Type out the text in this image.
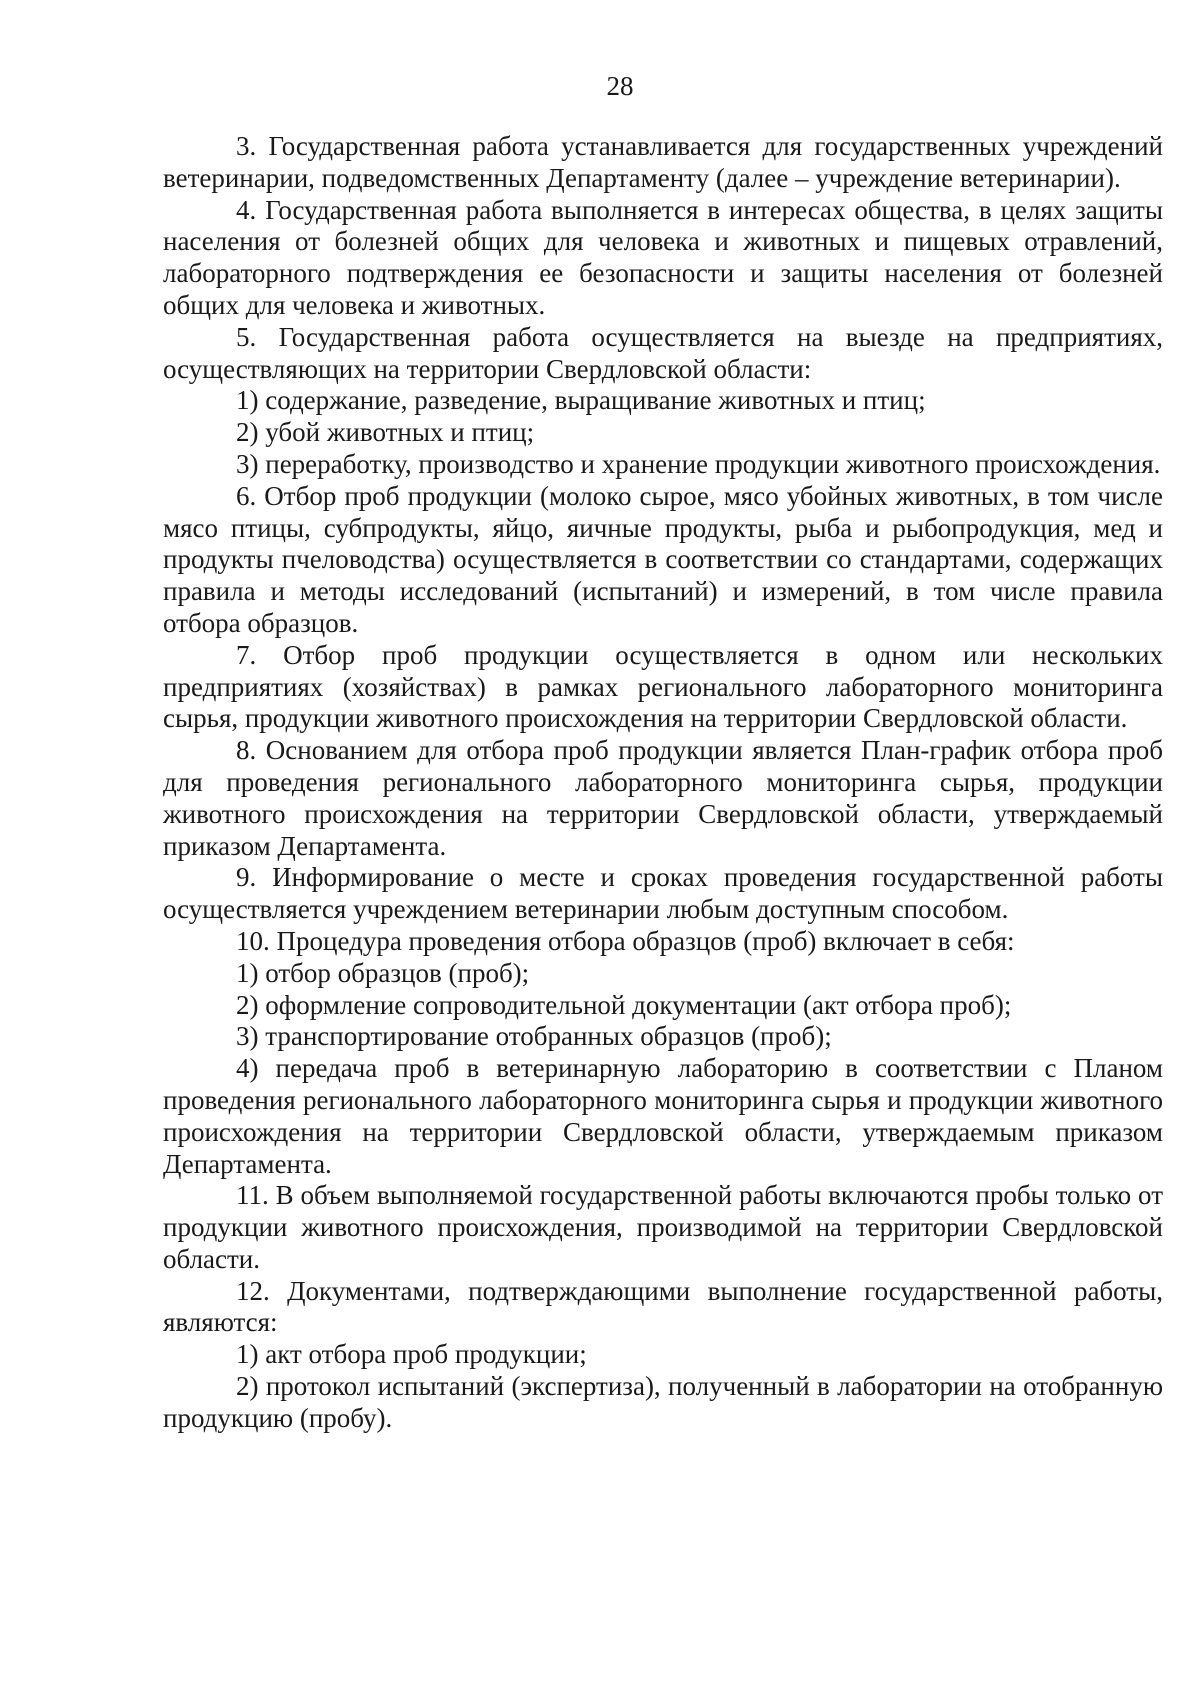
28

3. Государственная работа устанавливается для государственных учреждений ветеринарии, подведомственных Департаменту (далее – учреждение ветеринарии).

4. Государственная работа выполняется в интересах общества, в целях защиты населения от болезней общих для человека и животных и пищевых отравлений, лабораторного подтверждения ее безопасности и защиты населения от болезней общих для человека и животных.

5. Государственная работа осуществляется на выезде на предприятиях, осуществляющих на территории Свердловской области:

1) содержание, разведение, выращивание животных и птиц;

2) убой животных и птиц;

3) переработку, производство и хранение продукции животного происхождения.

6. Отбор проб продукции (молоко сырое, мясо убойных животных, в том числе мясо птицы, субпродукты, яйцо, яичные продукты, рыба и рыбопродукция, мед и продукты пчеловодства) осуществляется в соответствии со стандартами, содержащих правила и методы исследований (испытаний) и измерений, в том числе правила отбора образцов.

7. Отбор проб продукции осуществляется в одном или нескольких предприятиях (хозяйствах) в рамках регионального лабораторного мониторинга сырья, продукции животного происхождения на территории Свердловской области.

8. Основанием для отбора проб продукции является План-график отбора проб для проведения регионального лабораторного мониторинга сырья, продукции животного происхождения на территории Свердловской области, утверждаемый приказом Департамента.

9. Информирование о месте и сроках проведения государственной работы осуществляется учреждением ветеринарии любым доступным способом.

10. Процедура проведения отбора образцов (проб) включает в себя:

1) отбор образцов (проб);

2) оформление сопроводительной документации (акт отбора проб);

3) транспортирование отобранных образцов (проб);

4) передача проб в ветеринарную лабораторию в соответствии с Планом проведения регионального лабораторного мониторинга сырья и продукции животного происхождения на территории Свердловской области, утверждаемым приказом Департамента.

11. В объем выполняемой государственной работы включаются пробы только от продукции животного происхождения, производимой на территории Свердловской области.

12. Документами, подтверждающими выполнение государственной работы, являются:

1) акт отбора проб продукции;

2) протокол испытаний (экспертиза), полученный в лаборатории на отобранную продукцию (пробу).
